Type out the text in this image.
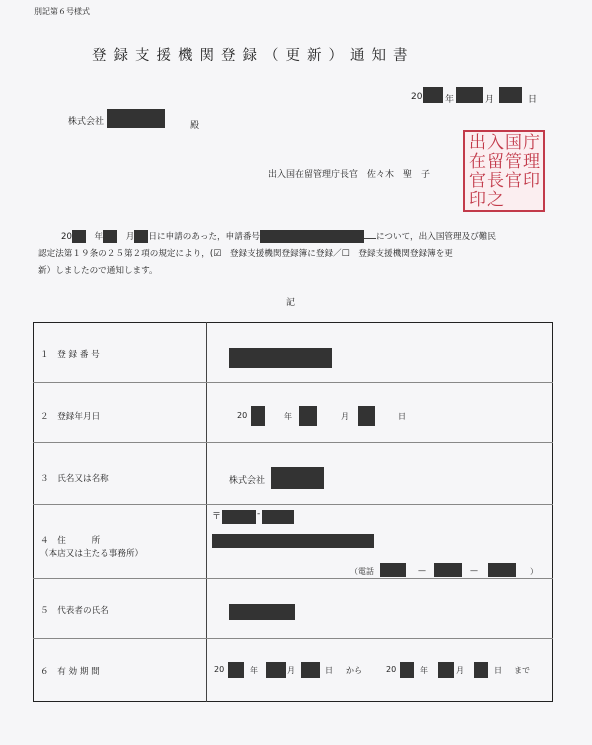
別記第６号様式
登録支援機関登録（更新）通知書
20	年	月	日
株式会社	殿
出入国在留管理庁長官　佐々木　聖　子
出
在
官
印
入
留
長
之
国
管
官
庁
理
印
20　	年　	月 日に申請のあった，申請番号	について，出入国管理及び難民
認定法第１９条の２５第２項の規定により，(☑　 登録支援機関登録簿に登録／☐　 登録支援機関登録簿を更
新）しましたので通知します。
記
１　登 録 番 号
２　登録年月日	20	年	月	日
３　氏名又は名称	株式会社
４　住　　　所
（本店又は主たる事務所）
〒	-
（電話	—	—	）
５　代表者の氏名
６　有 効 期 間	20	年	月	日 から	20	年	月	日 まで
